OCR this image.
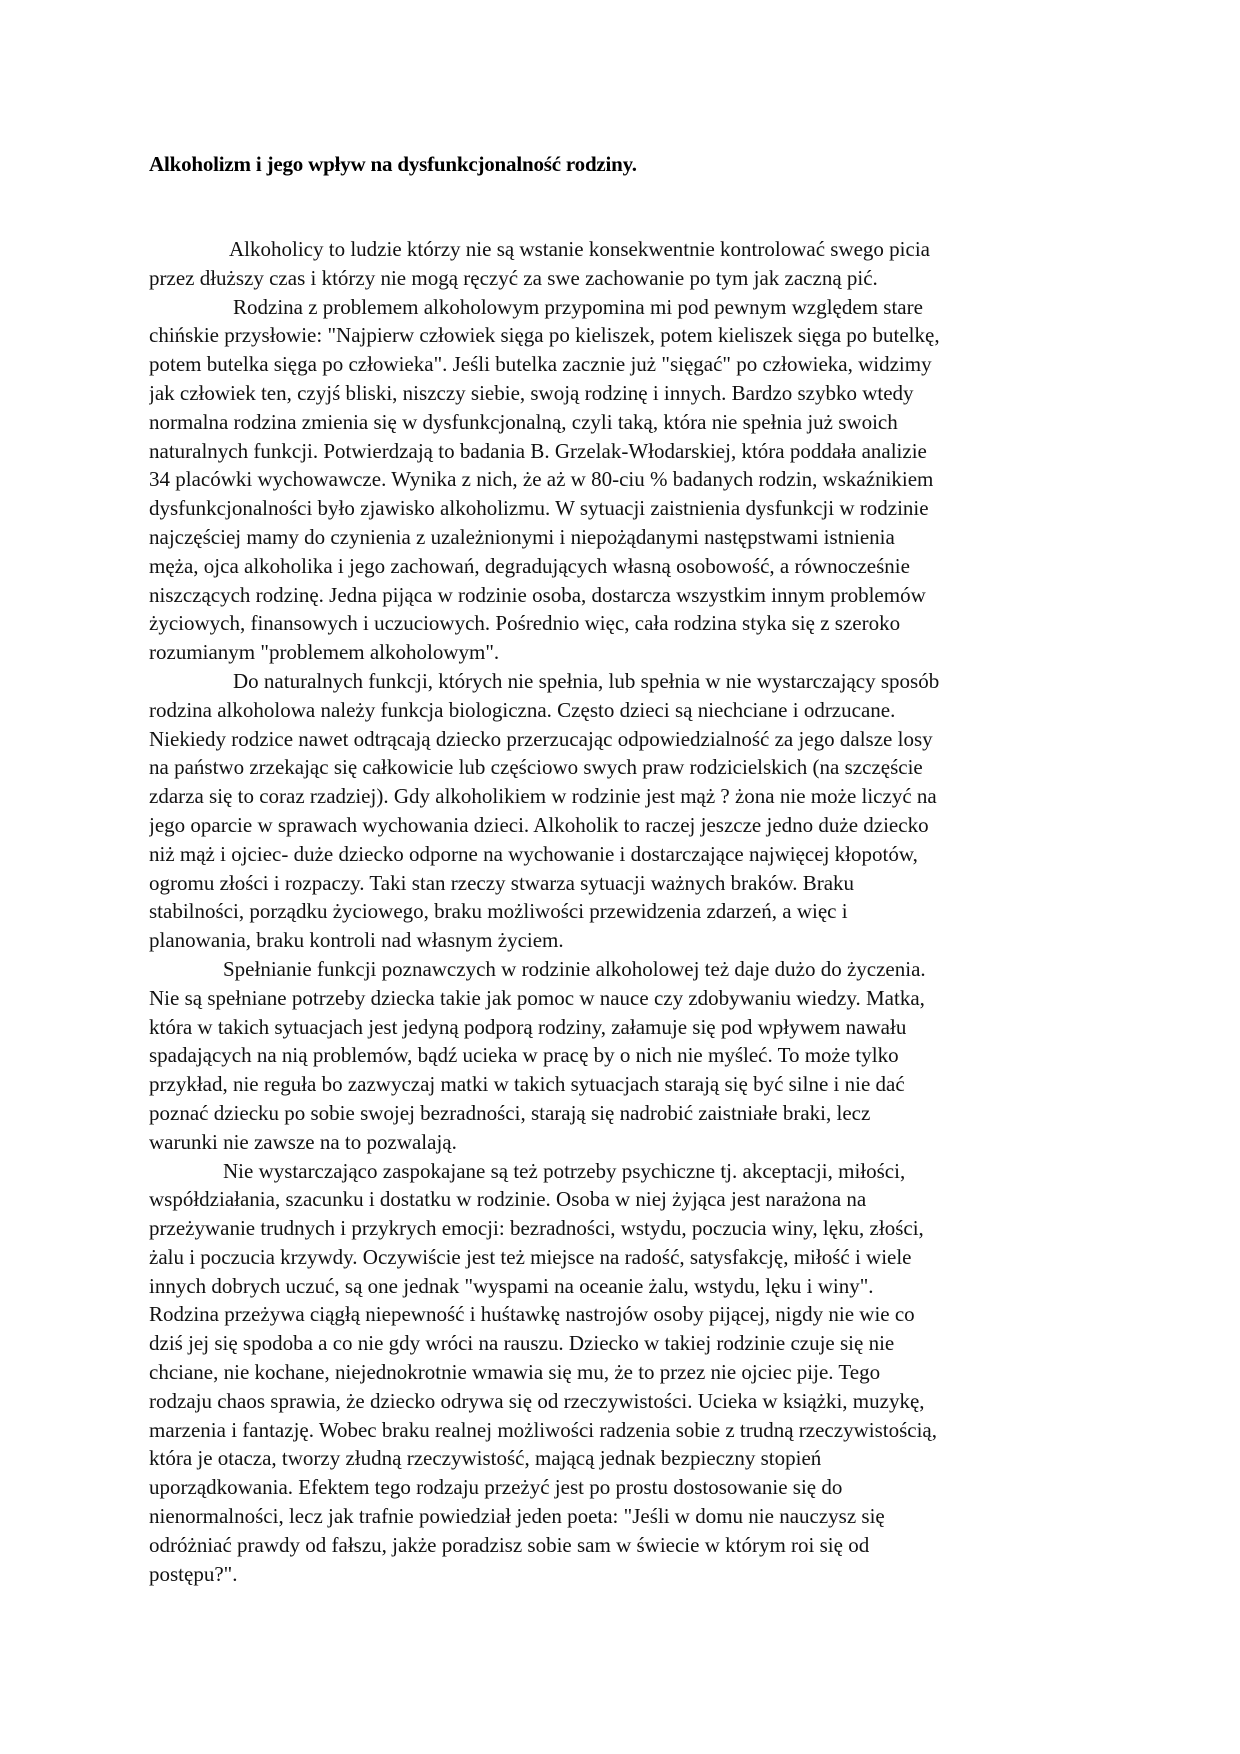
Alkoholizm i jego wpływ na dysfunkcjonalność rodziny.
Alkoholicy to ludzie którzy nie są wstanie konsekwentnie kontrolować swego picia
przez dłuższy czas i którzy nie mogą ręczyć za swe zachowanie po tym jak zaczną pić.
Rodzina z problemem alkoholowym przypomina mi pod pewnym względem stare
chińskie przysłowie: "Najpierw człowiek sięga po kieliszek, potem kieliszek sięga po butelkę,
potem butelka sięga po człowieka". Jeśli butelka zacznie już "sięgać" po człowieka, widzimy
jak człowiek ten, czyjś bliski, niszczy siebie, swoją rodzinę i innych. Bardzo szybko wtedy
normalna rodzina zmienia się w dysfunkcjonalną, czyli taką, która nie spełnia już swoich
naturalnych funkcji. Potwierdzają to badania B. Grzelak-Włodarskiej, która poddała analizie
34 placówki wychowawcze. Wynika z nich, że aż w 80-ciu % badanych rodzin, wskaźnikiem
dysfunkcjonalności było zjawisko alkoholizmu. W sytuacji zaistnienia dysfunkcji w rodzinie
najczęściej mamy do czynienia z uzależnionymi i niepożądanymi następstwami istnienia
męża, ojca alkoholika i jego zachowań, degradujących własną osobowość, a równocześnie
niszczących rodzinę. Jedna pijąca w rodzinie osoba, dostarcza wszystkim innym problemów
życiowych, finansowych i uczuciowych. Pośrednio więc, cała rodzina styka się z szeroko
rozumianym "problemem alkoholowym".
Do naturalnych funkcji, których nie spełnia, lub spełnia w nie wystarczający sposób
rodzina alkoholowa należy funkcja biologiczna. Często dzieci są niechciane i odrzucane.
Niekiedy rodzice nawet odtrącają dziecko przerzucając odpowiedzialność za jego dalsze losy
na państwo zrzekając się całkowicie lub częściowo swych praw rodzicielskich (na szczęście
zdarza się to coraz rzadziej). Gdy alkoholikiem w rodzinie jest mąż ? żona nie może liczyć na
jego oparcie w sprawach wychowania dzieci. Alkoholik to raczej jeszcze jedno duże dziecko
niż mąż i ojciec- duże dziecko odporne na wychowanie i dostarczające najwięcej kłopotów,
ogromu złości i rozpaczy. Taki stan rzeczy stwarza sytuacji ważnych braków. Braku
stabilności, porządku życiowego, braku możliwości przewidzenia zdarzeń, a więc i
planowania, braku kontroli nad własnym życiem.
Spełnianie funkcji poznawczych w rodzinie alkoholowej też daje dużo do życzenia.
Nie są spełniane potrzeby dziecka takie jak pomoc w nauce czy zdobywaniu wiedzy. Matka,
która w takich sytuacjach jest jedyną podporą rodziny, załamuje się pod wpływem nawału
spadających na nią problemów, bądź ucieka w pracę by o nich nie myśleć. To może tylko
przykład, nie reguła bo zazwyczaj matki w takich sytuacjach starają się być silne i nie dać
poznać dziecku po sobie swojej bezradności, starają się nadrobić zaistniałe braki, lecz
warunki nie zawsze na to pozwalają.
Nie wystarczająco zaspokajane są też potrzeby psychiczne tj. akceptacji, miłości,
współdziałania, szacunku i dostatku w rodzinie. Osoba w niej żyjąca jest narażona na
przeżywanie trudnych i przykrych emocji: bezradności, wstydu, poczucia winy, lęku, złości,
żalu i poczucia krzywdy. Oczywiście jest też miejsce na radość, satysfakcję, miłość i wiele
innych dobrych uczuć, są one jednak "wyspami na oceanie żalu, wstydu, lęku i winy".
Rodzina przeżywa ciągłą niepewność i huśtawkę nastrojów osoby pijącej, nigdy nie wie co
dziś jej się spodoba a co nie gdy wróci na rauszu. Dziecko w takiej rodzinie czuje się nie
chciane, nie kochane, niejednokrotnie wmawia się mu, że to przez nie ojciec pije. Tego
rodzaju chaos sprawia, że dziecko odrywa się od rzeczywistości. Ucieka w książki, muzykę,
marzenia i fantazję. Wobec braku realnej możliwości radzenia sobie z trudną rzeczywistością,
która je otacza, tworzy złudną rzeczywistość, mającą jednak bezpieczny stopień
uporządkowania. Efektem tego rodzaju przeżyć jest po prostu dostosowanie się do
nienormalności, lecz jak trafnie powiedział jeden poeta: "Jeśli w domu nie nauczysz się
odróżniać prawdy od fałszu, jakże poradzisz sobie sam w świecie w którym roi się od
postępu?".
